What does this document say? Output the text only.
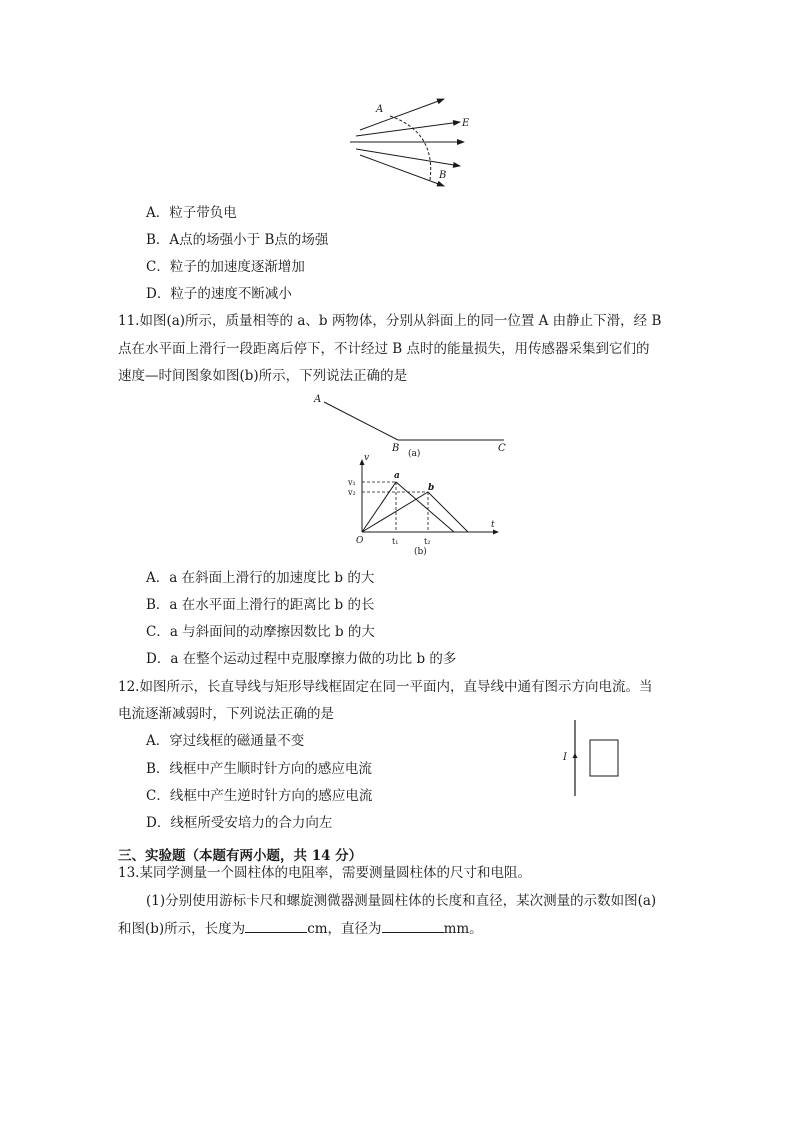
A
E
B
A．粒子带负电
B．A点的场强小于 B点的场强
C．粒子的加速度逐渐增加
D．粒子的速度不断减小
11.如图(a)所示，质量相等的 a、b 两物体，分别从斜面上的同一位置 A 由静止下滑，经 B
点在水平面上滑行一段距离后停下，不计经过 B 点时的能量损失，用传感器采集到它们的
速度—时间图象如图(b)所示，下列说法正确的是
A
B	C
(a)
v
t
O
v₁
v₂
t₁	t₂
a
b
(b)
A．a 在斜面上滑行的加速度比 b 的大
B．a 在水平面上滑行的距离比 b 的长
C．a 与斜面间的动摩擦因数比 b 的大
D．a 在整个运动过程中克服摩擦力做的功比 b 的多
12.如图所示，长直导线与矩形导线框固定在同一平面内，直导线中通有图示方向电流。当
电流逐渐减弱时，下列说法正确的是
A．穿过线框的磁通量不变
B．线框中产生顺时针方向的感应电流
C．线框中产生逆时针方向的感应电流
D．线框所受安培力的合力向左
I
三、实验题（本题有两小题，共 14 分）
13.某同学测量一个圆柱体的电阻率，需要测量圆柱体的尺寸和电阻。
(1)分别使用游标卡尺和螺旋测微器测量圆柱体的长度和直径，某次测量的示数如图(a)
和图(b)所示，长度为	cm，直径为	mm。
